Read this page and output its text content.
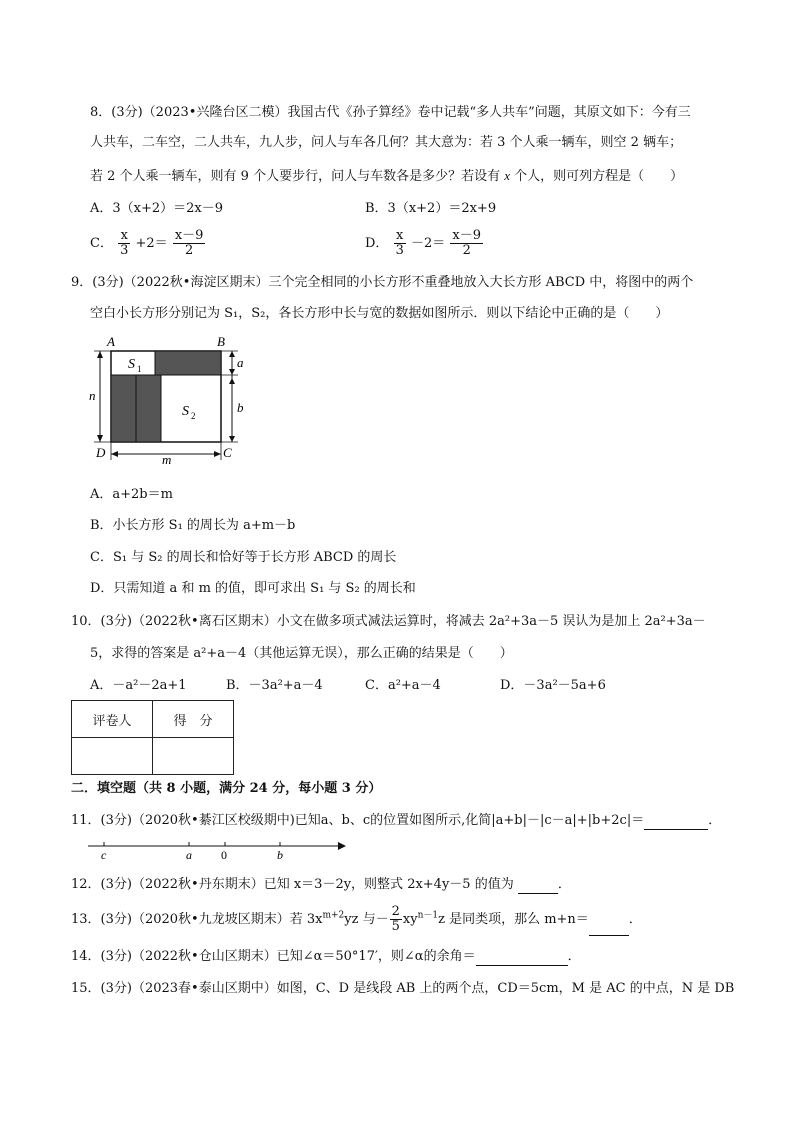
8．(3分)（2023•兴隆台区二模）我国古代《孙子算经》卷中记载“多人共车”问题，其原文如下：今有三
人共车，二车空，二人共车，九人步，问人与车各几何？其大意为：若 3 个人乘一辆车，则空 2 辆车；
若 2 个人乘一辆车，则有 9 个人要步行，问人与车数各是多少？若设有 x 个人，则可列方程是（　　）
A．3（x+2）＝2x－9	B．3（x+2）＝2x+9
C． $\frac{x}{3} +2= \frac{x-9}{2}$	D． $\frac{x}{3} -2= \frac{x-9}{2}$
9．(3分)（2022秋•海淀区期末）三个完全相同的小长方形不重叠地放入大长方形 ABCD 中，将图中的两个
空白小长方形分别记为 S₁，S₂，各长方形中长与宽的数据如图所示．则以下结论中正确的是（　　）
A	B
D	C
S 1
S 2
a
b
n
m
A．a+2b＝m
B．小长方形 S₁ 的周长为 a+m－b
C．S₁ 与 S₂ 的周长和恰好等于长方形 ABCD 的周长
D．只需知道 a 和 m 的值，即可求出 S₁ 与 S₂ 的周长和
10．(3分)（2022秋•离石区期末）小文在做多项式减法运算时，将减去 2a²+3a－5 误认为是加上 2a²+3a－
5，求得的答案是 a²+a－4（其他运算无误），那么正确的结果是（　　）
A．－a²－2a+1	B．－3a²+a－4	C．a²+a－4	D．－3a²－5a+6
评卷人	得　分

二．填空题（共 8 小题，满分 24 分，每小题 3 分）
11．(3分)（2020秋•綦江区校级期中)已知a、b、c的位置如图所示,化简|a+b|－|c－a|+|b+2c|＝	．
c	a 0	b
12．(3分)（2022秋•丹东期末）已知 x＝3－2y，则整式 2x+4y－5 的值为	．
13．(3分)（2020秋•九龙坡区期末）若 $3x^{m+2}yz$ 与－ $\frac{2}{5} xy^{n-1}z$ 是同类项，那么 m+n＝	．
14．(3分)（2022秋•仓山区期末）已知∠α＝50°17′，则∠α的余角＝	．
15．(3分)（2023春•泰山区期中）如图，C、D 是线段 AB 上的两个点，CD＝5cm，M 是 AC 的中点，N 是 DB
